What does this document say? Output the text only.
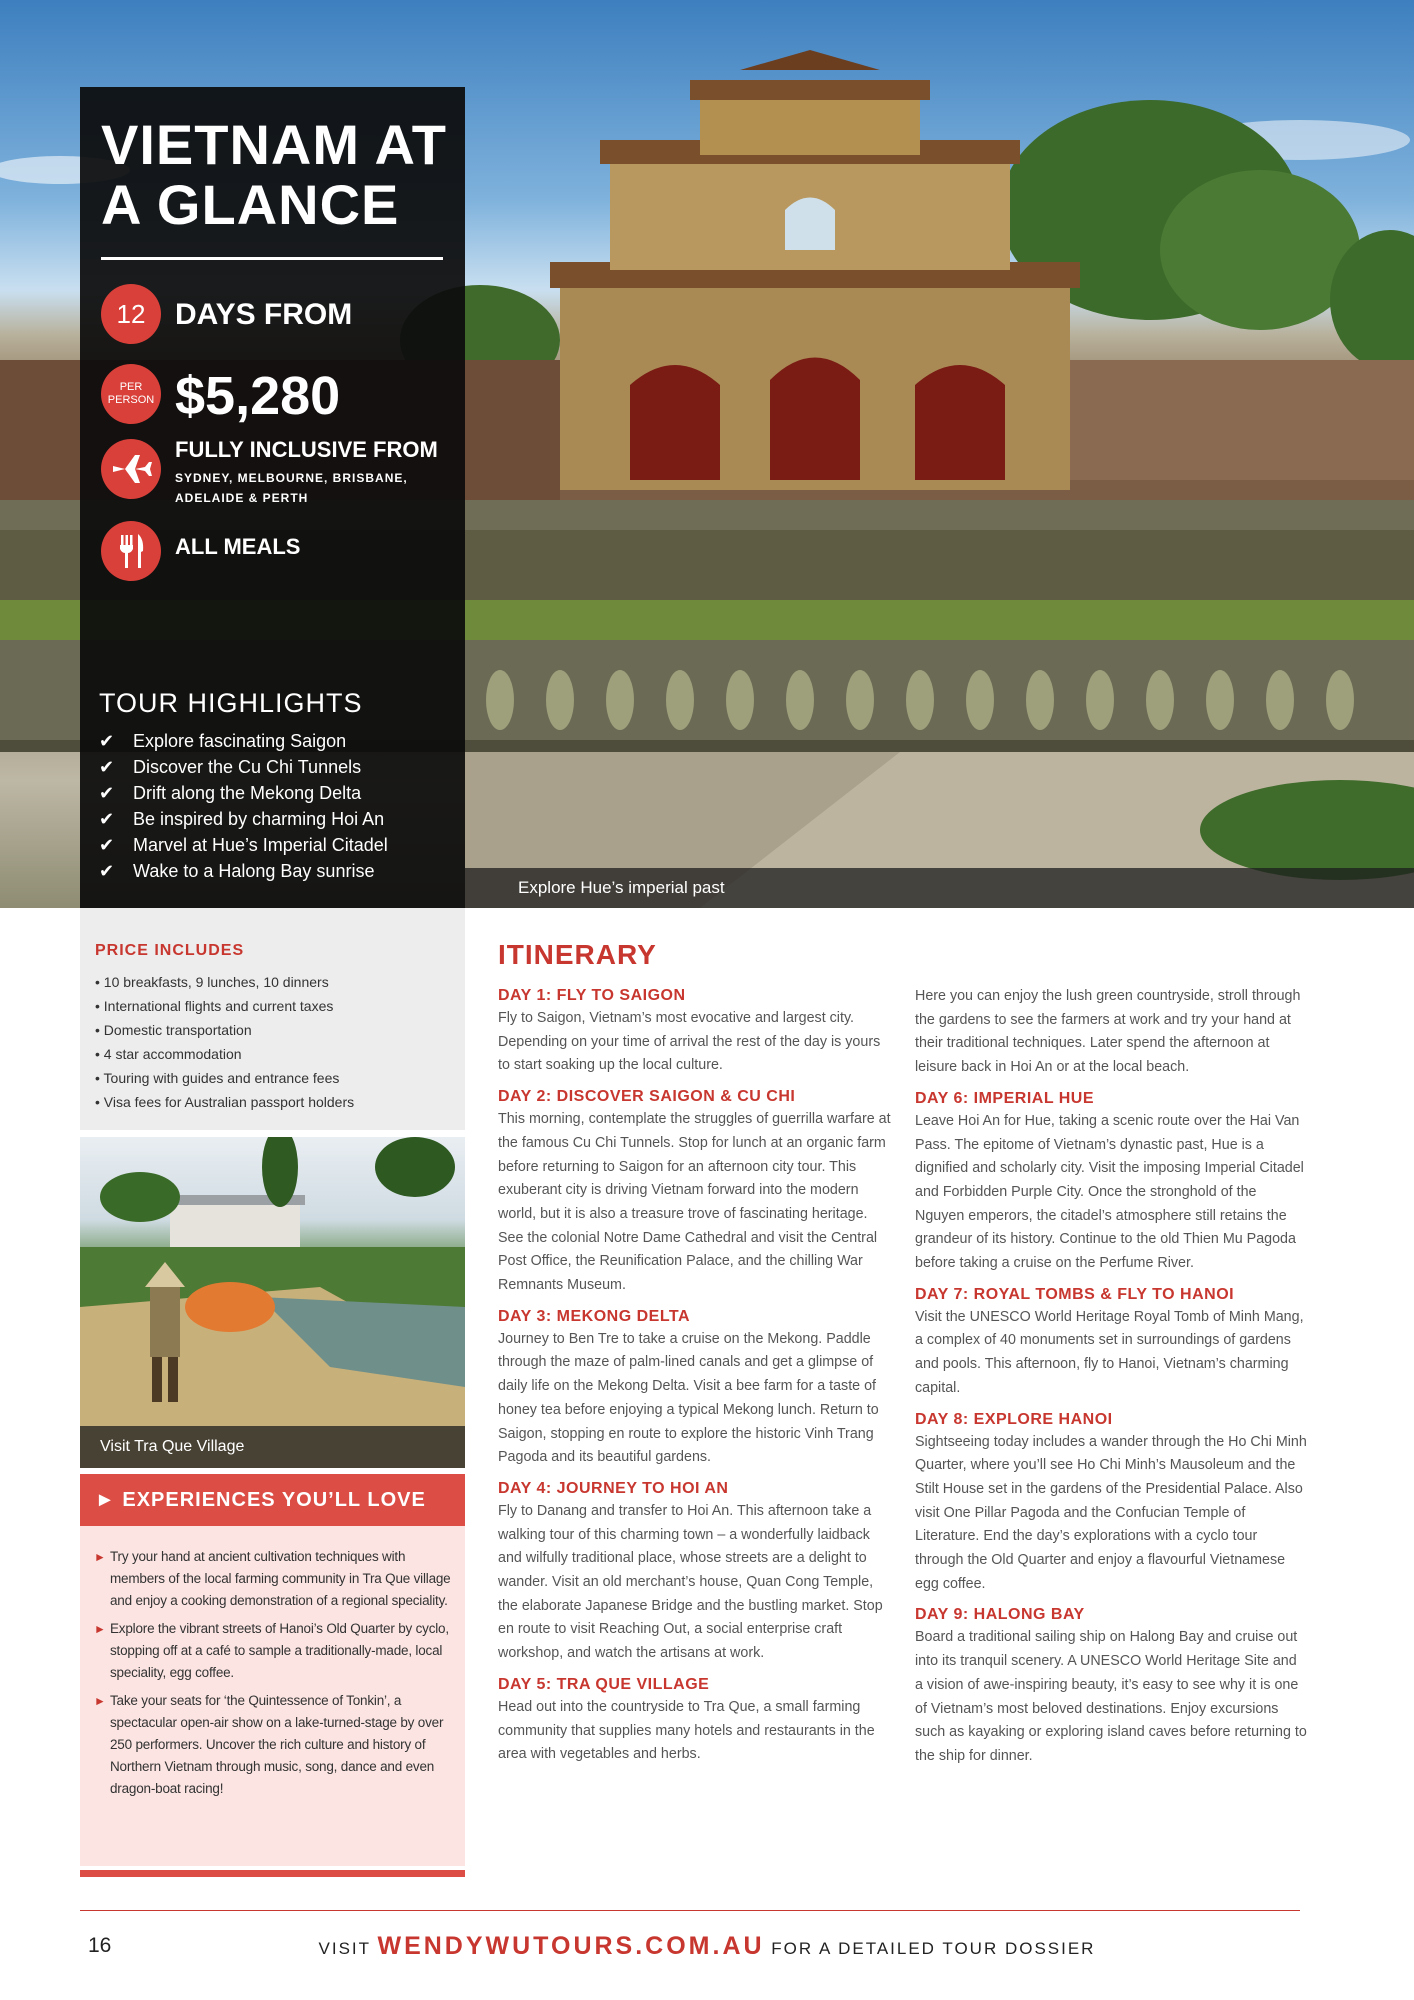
Explore Hue’s imperial past
VIETNAM AT A GLANCE
12 DAYS FROM
PER PERSON $5,280
FULLY INCLUSIVE FROM
SYDNEY, MELBOURNE, BRISBANE, ADELAIDE & PERTH
ALL MEALS
TOUR HIGHLIGHTS
✔ Explore fascinating Saigon
✔ Discover the Cu Chi Tunnels
✔ Drift along the Mekong Delta
✔ Be inspired by charming Hoi An
✔ Marvel at Hue’s Imperial Citadel
✔ Wake to a Halong Bay sunrise
PRICE INCLUDES
• 10 breakfasts, 9 lunches, 10 dinners
• International flights and current taxes
• Domestic transportation
• 4 star accommodation
• Touring with guides and entrance fees
• Visa fees for Australian passport holders
Visit Tra Que Village
► EXPERIENCES YOU’LL LOVE
► Try your hand at ancient cultivation techniques with members of the local farming community in Tra Que village and enjoy a cooking demonstration of a regional speciality.
► Explore the vibrant streets of Hanoi’s Old Quarter by cyclo, stopping off at a café to sample a traditionally-made, local speciality, egg coffee.
► Take your seats for ‘the Quintessence of Tonkin’, a spectacular open-air show on a lake-turned-stage by over 250 performers. Uncover the rich culture and history of Northern Vietnam through music, song, dance and even dragon-boat racing!
ITINERARY
DAY 1: FLY TO SAIGON

Fly to Saigon, Vietnam’s most evocative and largest city. Depending on your time of arrival the rest of the day is yours to start soaking up the local culture.

DAY 2: DISCOVER SAIGON & CU CHI

This morning, contemplate the struggles of guerrilla warfare at the famous Cu Chi Tunnels. Stop for lunch at an organic farm before returning to Saigon for an afternoon city tour. This exuberant city is driving Vietnam forward into the modern world, but it is also a treasure trove of fascinating heritage. See the colonial Notre Dame Cathedral and visit the Central Post Office, the Reunification Palace, and the chilling War Remnants Museum.

DAY 3: MEKONG DELTA

Journey to Ben Tre to take a cruise on the Mekong. Paddle through the maze of palm-lined canals and get a glimpse of daily life on the Mekong Delta. Visit a bee farm for a taste of honey tea before enjoying a typical Mekong lunch. Return to Saigon, stopping en route to explore the historic Vinh Trang Pagoda and its beautiful gardens.

DAY 4: JOURNEY TO HOI AN

Fly to Danang and transfer to Hoi An. This afternoon take a walking tour of this charming town – a wonderfully laidback and wilfully traditional place, whose streets are a delight to wander. Visit an old merchant’s house, Quan Cong Temple, the elaborate Japanese Bridge and the bustling market. Stop en route to visit Reaching Out, a social enterprise craft workshop, and watch the artisans at work.

DAY 5: TRA QUE VILLAGE

Head out into the countryside to Tra Que, a small farming community that supplies many hotels and restaurants in the area with vegetables and herbs.

Here you can enjoy the lush green countryside, stroll through the gardens to see the farmers at work and try your hand at their traditional techniques. Later spend the afternoon at leisure back in Hoi An or at the local beach.

DAY 6: IMPERIAL HUE

Leave Hoi An for Hue, taking a scenic route over the Hai Van Pass. The epitome of Vietnam’s dynastic past, Hue is a dignified and scholarly city. Visit the imposing Imperial Citadel and Forbidden Purple City. Once the stronghold of the Nguyen emperors, the citadel’s atmosphere still retains the grandeur of its history. Continue to the old Thien Mu Pagoda before taking a cruise on the Perfume River.

DAY 7: ROYAL TOMBS & FLY TO HANOI

Visit the UNESCO World Heritage Royal Tomb of Minh Mang, a complex of 40 monuments set in surroundings of gardens and pools. This afternoon, fly to Hanoi, Vietnam’s charming capital.

DAY 8: EXPLORE HANOI

Sightseeing today includes a wander through the Ho Chi Minh Quarter, where you’ll see Ho Chi Minh’s Mausoleum and the Stilt House set in the gardens of the Presidential Palace. Also visit One Pillar Pagoda and the Confucian Temple of Literature. End the day’s explorations with a cyclo tour through the Old Quarter and enjoy a flavourful Vietnamese egg coffee.

DAY 9: HALONG BAY

Board a traditional sailing ship on Halong Bay and cruise out into its tranquil scenery. A UNESCO World Heritage Site and a vision of awe-inspiring beauty, it’s easy to see why it is one of Vietnam’s most beloved destinations. Enjoy excursions such as kayaking or exploring island caves before returning to the ship for dinner.

16	VISIT WENDYWUTOURS.COM.AU FOR A DETAILED TOUR DOSSIER
